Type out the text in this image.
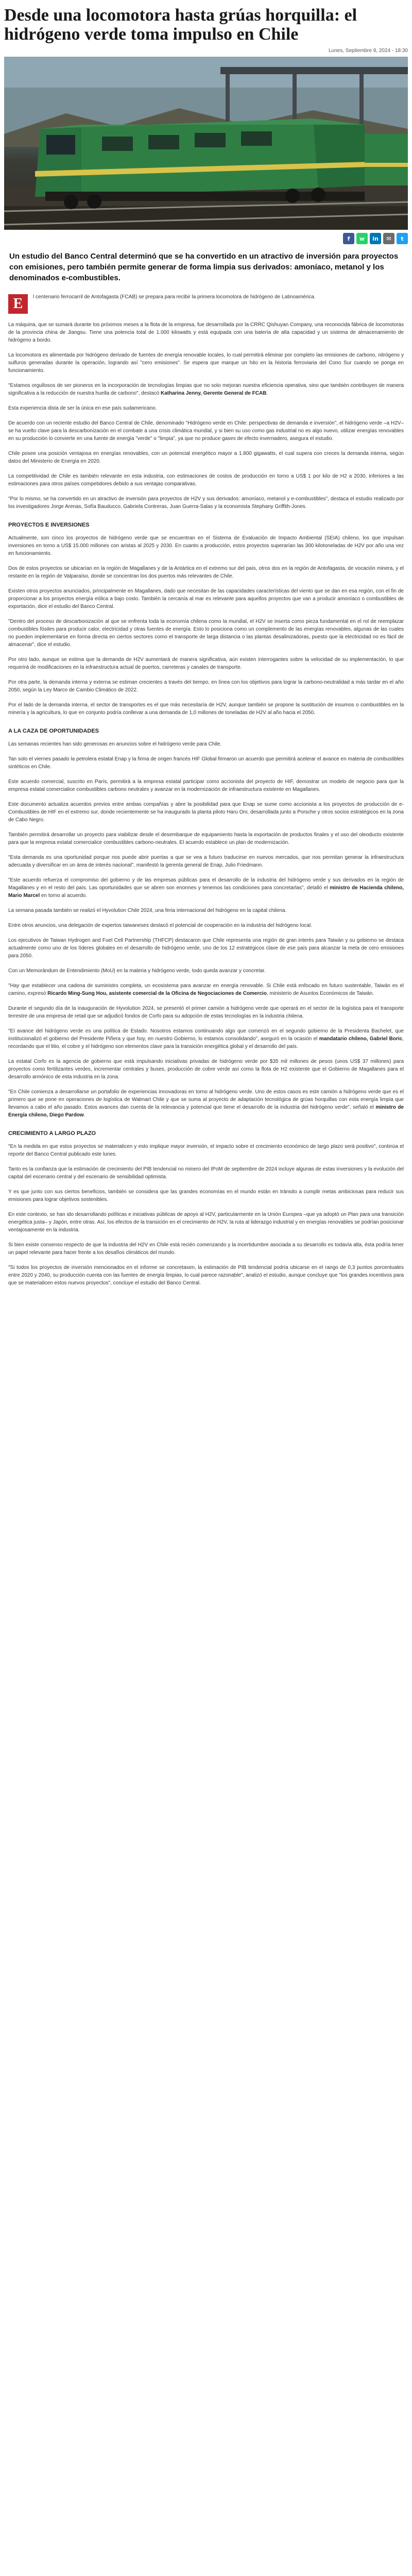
Desde una locomotora hasta grúas horquilla: el hidrógeno verde toma impulso en Chile
Lunes, Septiembre 9, 2024 - 18:30
f w in ✉ t

Un estudio del Banco Central determinó que se ha convertido en un atractivo de inversión para proyectos con emisiones, pero también permite generar de forma limpia sus derivados: amoníaco, metanol y los denominados e-combustibles.

E	l centenario ferrocarril de Antofagasta (FCAB) se prepara para recibir la primera locomotora de hidrógeno de Latinoamérica.

La máquina, que se sumará durante los próximos meses a la flota de la empresa, fue desarrollada por la CRRC Qishuyan Company, una reconocida fábrica de locomotoras de la provincia china de Jiangsu. Tiene una potencia total de 1.000 kilowatts y está equipada con una batería de alta capacidad y un sistema de almacenamiento de hidrógeno a bordo.

La locomotora es alimentada por hidrógeno derivado de fuentes de energía renovable locales, lo cual permitirá eliminar por completo las emisiones de carbono, nitrógeno y sulfuros generadas durante la operación, logrando así "cero emisiones". Se espera que marque un hito en la historia ferroviaria del Cono Sur cuando se ponga en funcionamiento.

"Estamos orgullosos de ser pioneros en la incorporación de tecnologías limpias que no solo mejoran nuestra eficiencia operativa, sino que también contribuyen de manera significativa a la reducción de nuestra huella de carbono", destacó Katharina Jenny, Gerente General de FCAB.

Esta experiencia dista de ser la única en ese país sudamericano.

De acuerdo con un reciente estudio del Banco Central de Chile, denominado "Hidrógeno verde en Chile: perspectivas de demanda e inversión", el hidrógeno verde –a H2V– se ha vuelto clave para la descarbonización en el combate a una crisis climática mundial, y si bien su uso como gas industrial no es algo nuevo, utilizar energías renovables en su producción lo convierte en una fuente de energía "verde" o "limpia", ya que no produce gases de efecto invernadero, asegura el estudio.

Chile posee una posición ventajosa en energías renovables, con un potencial energético mayor a 1.800 gigawatts, el cual supera con creces la demanda interna, según datos del Ministerio de Energía en 2020.

La competitividad de Chile es también relevante en esta industria, con estimaciones de costos de producción en torno a US$ 1 por kilo de H2 a 2030, inferiores a las estimaciones para otros países competidores debido a sus ventajas comparativas.

"Por lo mismo, se ha convertido en un atractivo de inversión para proyectos de H2V y sus derivados: amoníaco, metanol y e-combustibles", destaca el estudio realizado por los investigadores Jorge Arenas, Sofía Bauducco, Gabriela Contreras, Juan Guerra-Salas y la economista Stephany Griffith-Jones.

PROYECTOS E INVERSIONES

Actualmente, son cinco los proyectos de hidrógeno verde que se encuentran en el Sistema de Evaluación de Impacto Ambiental (SEIA) chileno, los que impulsan inversiones en torno a US$ 15.000 millones con aristas al 2025 y 2030. En cuanto a producción, estos proyectos superarían las 300 kilotoneladas de H2V por año una vez en funcionamiento.

Dos de estos proyectos se ubicarían en la región de Magallanes y de la Antártica en el extremo sur del país, otros dos en la región de Antofagasta, de vocación minera, y el restante en la región de Valparaíso, donde se concentran los dos puertos más relevantes de Chile.

Existen otros proyectos anunciados, principalmente en Magallanes, dado que necesitan de las capacidades características del viento que se dan en esa región, con el fin de proporcionar a los proyectos energía eólica a bajo costo. También la cercanía al mar es relevante para aquellos proyectos que van a producir amoníaco o combustibles de exportación, dice el estudio del Banco Central.

"Dentro del proceso de descarbonización al que se enfrenta toda la economía chilena como la mundial, el H2V se inserta como pieza fundamental en el rol de reemplazar combustibles fósiles para producir calor, electricidad y otras fuentes de energía. Esto lo posiciona como un complemento de las energías renovables, algunas de las cuales no pueden implementarse en forma directa en ciertos sectores como el transporte de larga distancia o las plantas desalinizadoras, puesto que la electricidad no es fácil de almacenar", dice el estudio.

Por otro lado, aunque se estima que la demanda de H2V aumentará de manera significativa, aún existen interrogantes sobre la velocidad de su implementación, lo que requerirá de modificaciones en la infraestructura actual de puertos, carreteras y canales de transporte.

Por otra parte, la demanda interna y externa se estiman crecientes a través del tiempo, en línea con los objetivos para lograr la carbono-neutralidad a más tardar en el año 2050, según la Ley Marco de Cambio Climático de 2022.

Por el lado de la demanda interna, el sector de transportes es el que más necesitaría de H2V, aunque también se propone la sustitución de insumos o combustibles en la minería y la agricultura, lo que en conjunto podría conllevar a una demanda de 1,0 millones de toneladas de H2V al año hacia el 2050.

A LA CAZA DE OPORTUNIDADES

Las semanas recientes han sido generosas en anuncios sobre el hidrógeno verde para Chile.

Tan solo el viernes pasado la petrolera estatal Enap y la firma de origen francés HIF Global firmaron un acuerdo que permitirá acelerar el avance en materia de combustibles sintéticos en Chile.

Este acuerdo comercial, suscrito en París, permitirá a la empresa estatal participar como accionista del proyecto de HIF, demostrar un modelo de negocio para que la empresa estatal comercialice combustibles carbono neutrales y avanzar en la modernización de infraestructura existente en Magallanes.

Este documento actualiza acuerdos previos entre ambas compañías y abre la posibilidad para que Enap se sume como accionista a los proyectos de producción de e-Combustibles de HIF en el extremo sur, donde recientemente se ha inaugurado la planta piloto Haru Oni, desarrollada junto a Porsche y otros socios estratégicos en la zona de Cabo Negro.

También permitirá desarrollar un proyecto para viabilizar desde el desembarque de equipamiento hasta la exportación de productos finales y el uso del oleoducto existente para que la empresa estatal comercialice combustibles carbono-neutrales. El acuerdo establece un plan de modernización.

"Esta demanda es una oportunidad porque nos puede abrir puertas a que se vea a futuro traducirse en nuevos mercados, que nos permitan generar la infraestructura adecuada y diversificar en un área de interés nacional", manifestó la gerenta general de Enap, Julio Friedmann.

"Este acuerdo refuerza el compromiso del gobierno y de las empresas públicas para el desarrollo de la industria del hidrógeno verde y sus derivados en la región de Magallanes y en el resto del país. Las oportunidades que se abren son enormes y tenemos las condiciones para concretarlas", detalló el ministro de Hacienda chileno, Mario Marcel en torno al acuerdo.

La semana pasada también se realizó el Hyvolution Chile 2024, una feria internacional del hidrógeno en la capital chilena.

Entre otros anuncios, una delegación de expertos taiwaneses destacó el potencial de cooperación en la industria del hidrógeno local.

Los ejecutivos de Taiwan Hydrogen and Fuel Cell Partnership (THFCP) destacaron que Chile representa una región de gran interés para Taiwán y su gobierno se destaca actualmente como uno de los líderes globales en el desarrollo de hidrógeno verde, uno de los 12 estratégicos clave de ese país para alcanzar la meta de cero emisiones para 2050.

Con un Memorándum de Entendimiento (MoU) en la materia y hidrógeno verde, todo queda avanzar y concretar.

"Hay que establecer una cadena de suministro completa, un ecosistema para avanzar en energía renovable. Si Chile está enfocado en futuro sustentable, Taiwán es el camino, expresó Ricardo Ming-Sung Hou, asistente comercial de la Oficina de Negociaciones de Comercio, ministerio de Asuntos Económicos de Taiwán.

Durante el segundo día de la inauguración de Hyvolution 2024, se presentó el primer camión a hidrógeno verde que operará en el sector de la logística para el transporte terrestre de una empresa de retail que se adjudicó fondos de Corfo para su adopción de estas tecnologías en la industria chilena.

"El avance del hidrógeno verde es una política de Estado. Nosotros estamos continuando algo que comenzó en el segundo gobierno de la Presidenta Bachelet, que institucionalizó el gobierno del Presidente Piñera y que hoy, en nuestro Gobierno, lo estamos consolidando", aseguró en la ocasión el mandatario chileno, Gabriel Boric, recordando que el litio, el cobre y el hidrógeno son elementos clave para la transición energética global y el desarrollo del país.

La estatal Corfo es la agencia de gobierno que está impulsando iniciativas privadas de hidrógeno verde por $35 mil millones de pesos (unos US$ 37 millones) para proyectos como fertilizantes verdes, incrementar centrales y buses, producción de cobre verde así como la flota de H2 existente que el Gobierno de Magallanes para el desarrollo armónico de esta industria en la zona.

"En Chile comienza a desarrollarse un portafolio de experiencias innovadoras en torno al hidrógeno verde. Uno de estos casos es este camión a hidrógeno verde que es el primero que se pone en operaciones de logística de Walmart Chile y que se suma al proyecto de adaptación tecnológica de grúas horquillas con esta energía limpia que llevamos a cabo el año pasado. Estos avances dan cuenta de la relevancia y potencial que tiene el desarrollo de la industria del hidrógeno verde", señaló el ministro de Energía chileno, Diego Pardow.

CRECIMIENTO A LARGO PLAZO

"En la medida en que estos proyectos se materialicen y esto implique mayor inversión, el impacto sobre el crecimiento económico de largo plazo será positivo", continúa el reporte del Banco Central publicado este lunes.

Tanto es la confianza que la estimación de crecimiento del PIB tendencial no minero del IPoM de septiembre de 2024 incluye algunas de estas inversiones y la evolución del capital del escenario central y del escenario de sensibilidad optimista.

Y es que junto con sus ciertos beneficios, también se considera que las grandes economías en el mundo están en tránsito a cumplir metas ambiciosas para reducir sus emisiones para lograr objetivos sostenibles.

En este contexto, se han ido desarrollando políticas e iniciativas públicas de apoyo al H2V, particularmente en la Unión Europea –que ya adoptó un Plan para una transición energética justa– y Japón, entre otras. Así, los efectos de la transición en el crecimiento de H2V, la ruta al liderazgo industrial y en energías renovables se podrían posicionar ventajosamente en la industria.

Si bien existe consenso respecto de que la industria del H2V en Chile está recién comenzando y la incertidumbre asociada a su desarrollo es todavía alta, ésta podría tener un papel relevante para hacer frente a los desafíos climáticos del mundo.

"Si todos los proyectos de inversión mencionados en el informe se concretasen, la estimación de PIB tendencial podría ubicarse en el rango de 0,3 puntos porcentuales entre 2020 y 2040, su producción cuenta con las fuentes de energía limpias, lo cual parece razonable", analizó el estudio, aunque concluye que "los grandes incentivos para que se materialicen estos nuevos proyectos", concluye el estudio del Banco Central.
